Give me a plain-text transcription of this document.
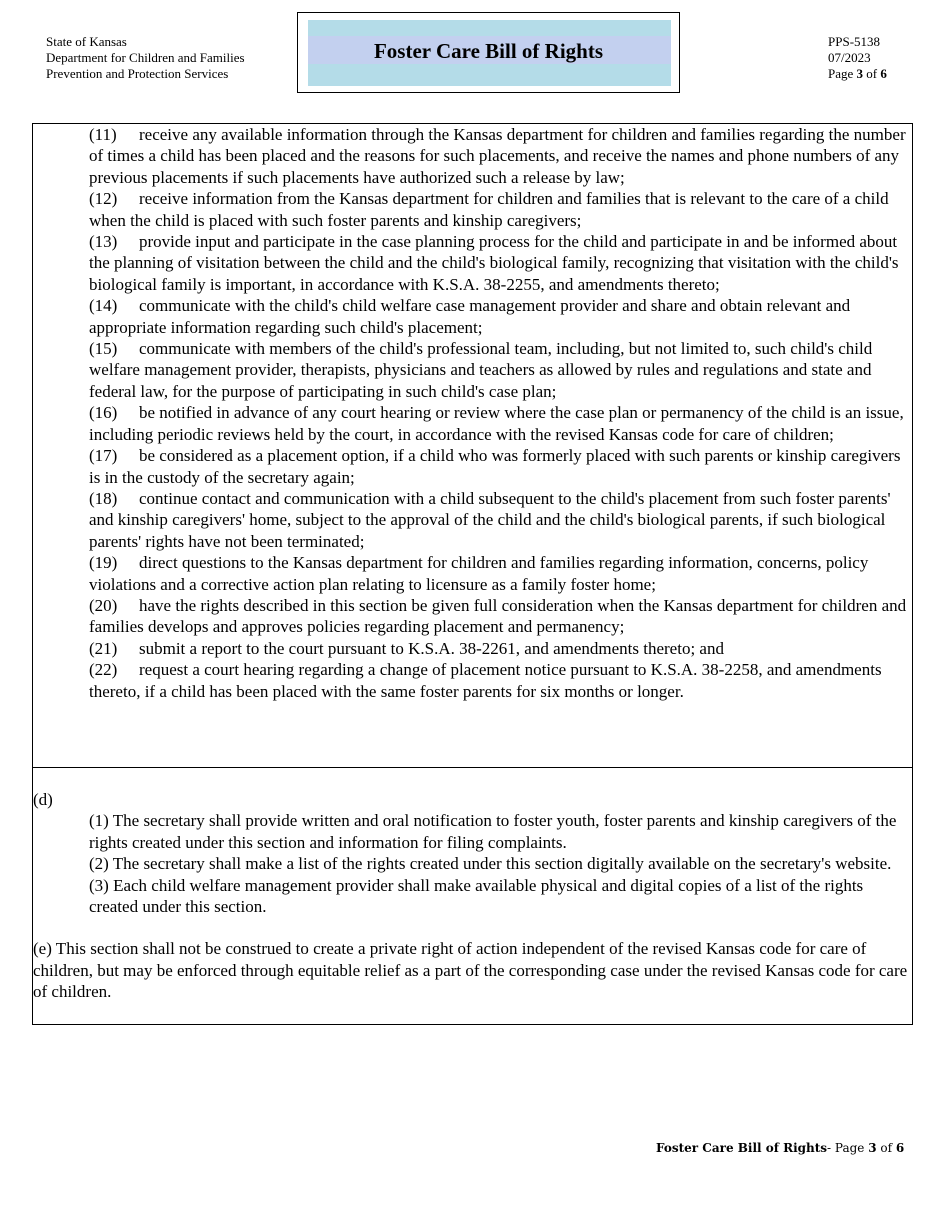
State of Kansas
Department for Children and Families
Prevention and Protection Services
Foster Care Bill of Rights	PPS-5138
07/2023
Page 3 of 6
(11) receive any available information through the Kansas department for children and families regarding the number of times a child has been placed and the reasons for such placements, and receive the names and phone numbers of any previous placements if such placements have authorized such a release by law;
(12) receive information from the Kansas department for children and families that is relevant to the care of a child when the child is placed with such foster parents and kinship caregivers;
(13) provide input and participate in the case planning process for the child and participate in and be informed about the planning of visitation between the child and the child's biological family, recognizing that visitation with the child's biological family is important, in accordance with K.S.A. 38-2255, and amendments thereto;
(14) communicate with the child's child welfare case management provider and share and obtain relevant and appropriate information regarding such child's placement;
(15) communicate with members of the child's professional team, including, but not limited to, such child's child welfare management provider, therapists, physicians and teachers as allowed by rules and regulations and state and federal law, for the purpose of participating in such child's case plan;
(16) be notified in advance of any court hearing or review where the case plan or permanency of the child is an issue, including periodic reviews held by the court, in accordance with the revised Kansas code for care of children;
(17) be considered as a placement option, if a child who was formerly placed with such parents or kinship caregivers is in the custody of the secretary again;
(18) continue contact and communication with a child subsequent to the child's placement from such foster parents' and kinship caregivers' home, subject to the approval of the child and the child's biological parents, if such biological parents' rights have not been terminated;
(19) direct questions to the Kansas department for children and families regarding information, concerns, policy violations and a corrective action plan relating to licensure as a family foster home;
(20) have the rights described in this section be given full consideration when the Kansas department for children and families develops and approves policies regarding placement and permanency;
(21) submit a report to the court pursuant to K.S.A. 38-2261, and amendments thereto; and
(22) request a court hearing regarding a change of placement notice pursuant to K.S.A. 38-2258, and amendments thereto, if a child has been placed with the same foster parents for six months or longer.
(d)
(1) The secretary shall provide written and oral notification to foster youth, foster parents and kinship caregivers of the rights created under this section and information for filing complaints.
(2) The secretary shall make a list of the rights created under this section digitally available on the secretary's website.
(3) Each child welfare management provider shall make available physical and digital copies of a list of the rights created under this section.
(e) This section shall not be construed to create a private right of action independent of the revised Kansas code for care of children, but may be enforced through equitable relief as a part of the corresponding case under the revised Kansas code for care of children.
Foster Care Bill of Rights- Page 3 of 6
